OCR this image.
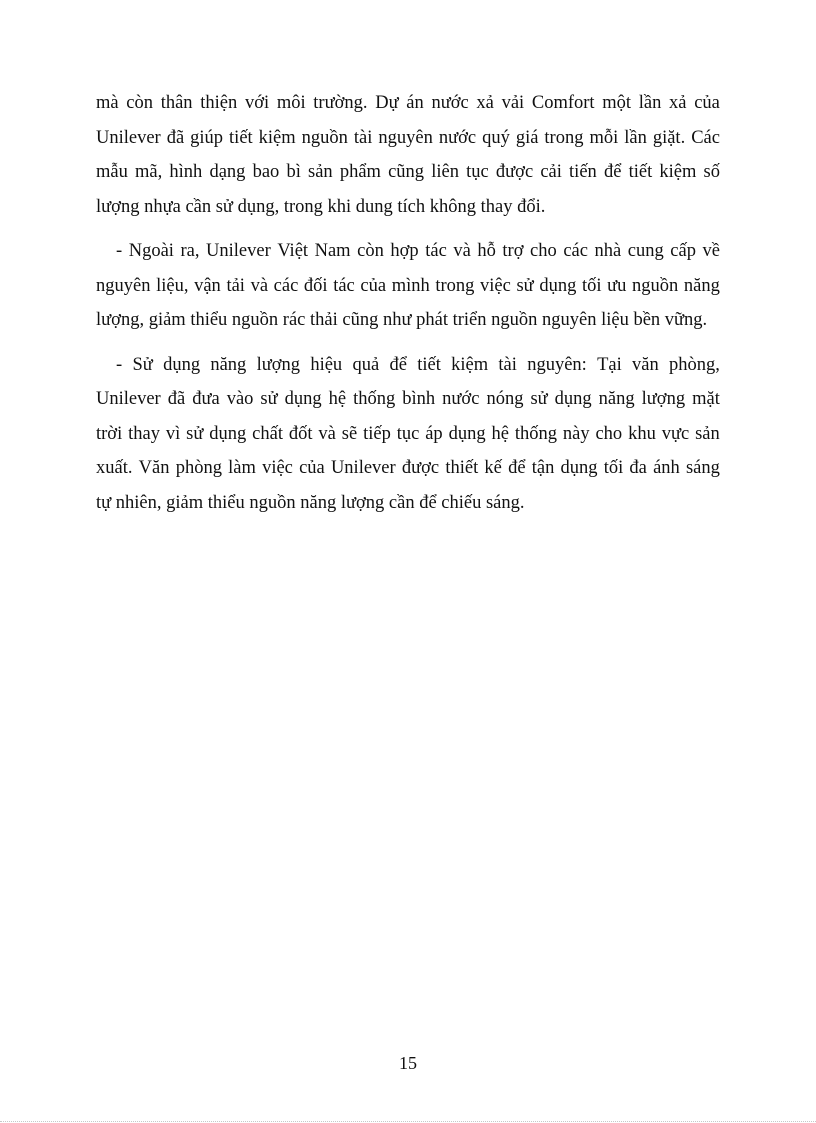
mà còn thân thiện với môi trường. Dự án nước xả vải Comfort một lần xả của
Unilever đã giúp tiết kiệm nguồn tài nguyên nước quý giá trong mỗi lần giặt. Các
mẫu mã, hình dạng bao bì sản phẩm cũng liên tục được cải tiến để tiết kiệm số
lượng nhựa cần sử dụng, trong khi dung tích không thay đổi.
- Ngoài ra, Unilever Việt Nam còn hợp tác và hỗ trợ cho các nhà cung cấp về
nguyên liệu, vận tải và các đối tác của mình trong việc sử dụng tối ưu nguồn năng
lượng, giảm thiểu nguồn rác thải cũng như phát triển nguồn nguyên liệu bền vững.
- Sử dụng năng lượng hiệu quả để tiết kiệm tài nguyên: Tại văn phòng,
Unilever đã đưa vào sử dụng hệ thống bình nước nóng sử dụng năng lượng mặt
trời thay vì sử dụng chất đốt và sẽ tiếp tục áp dụng hệ thống này cho khu vực sản
xuất. Văn phòng làm việc của Unilever được thiết kế để tận dụng tối đa ánh sáng
tự nhiên, giảm thiểu nguồn năng lượng cần để chiếu sáng.
15
